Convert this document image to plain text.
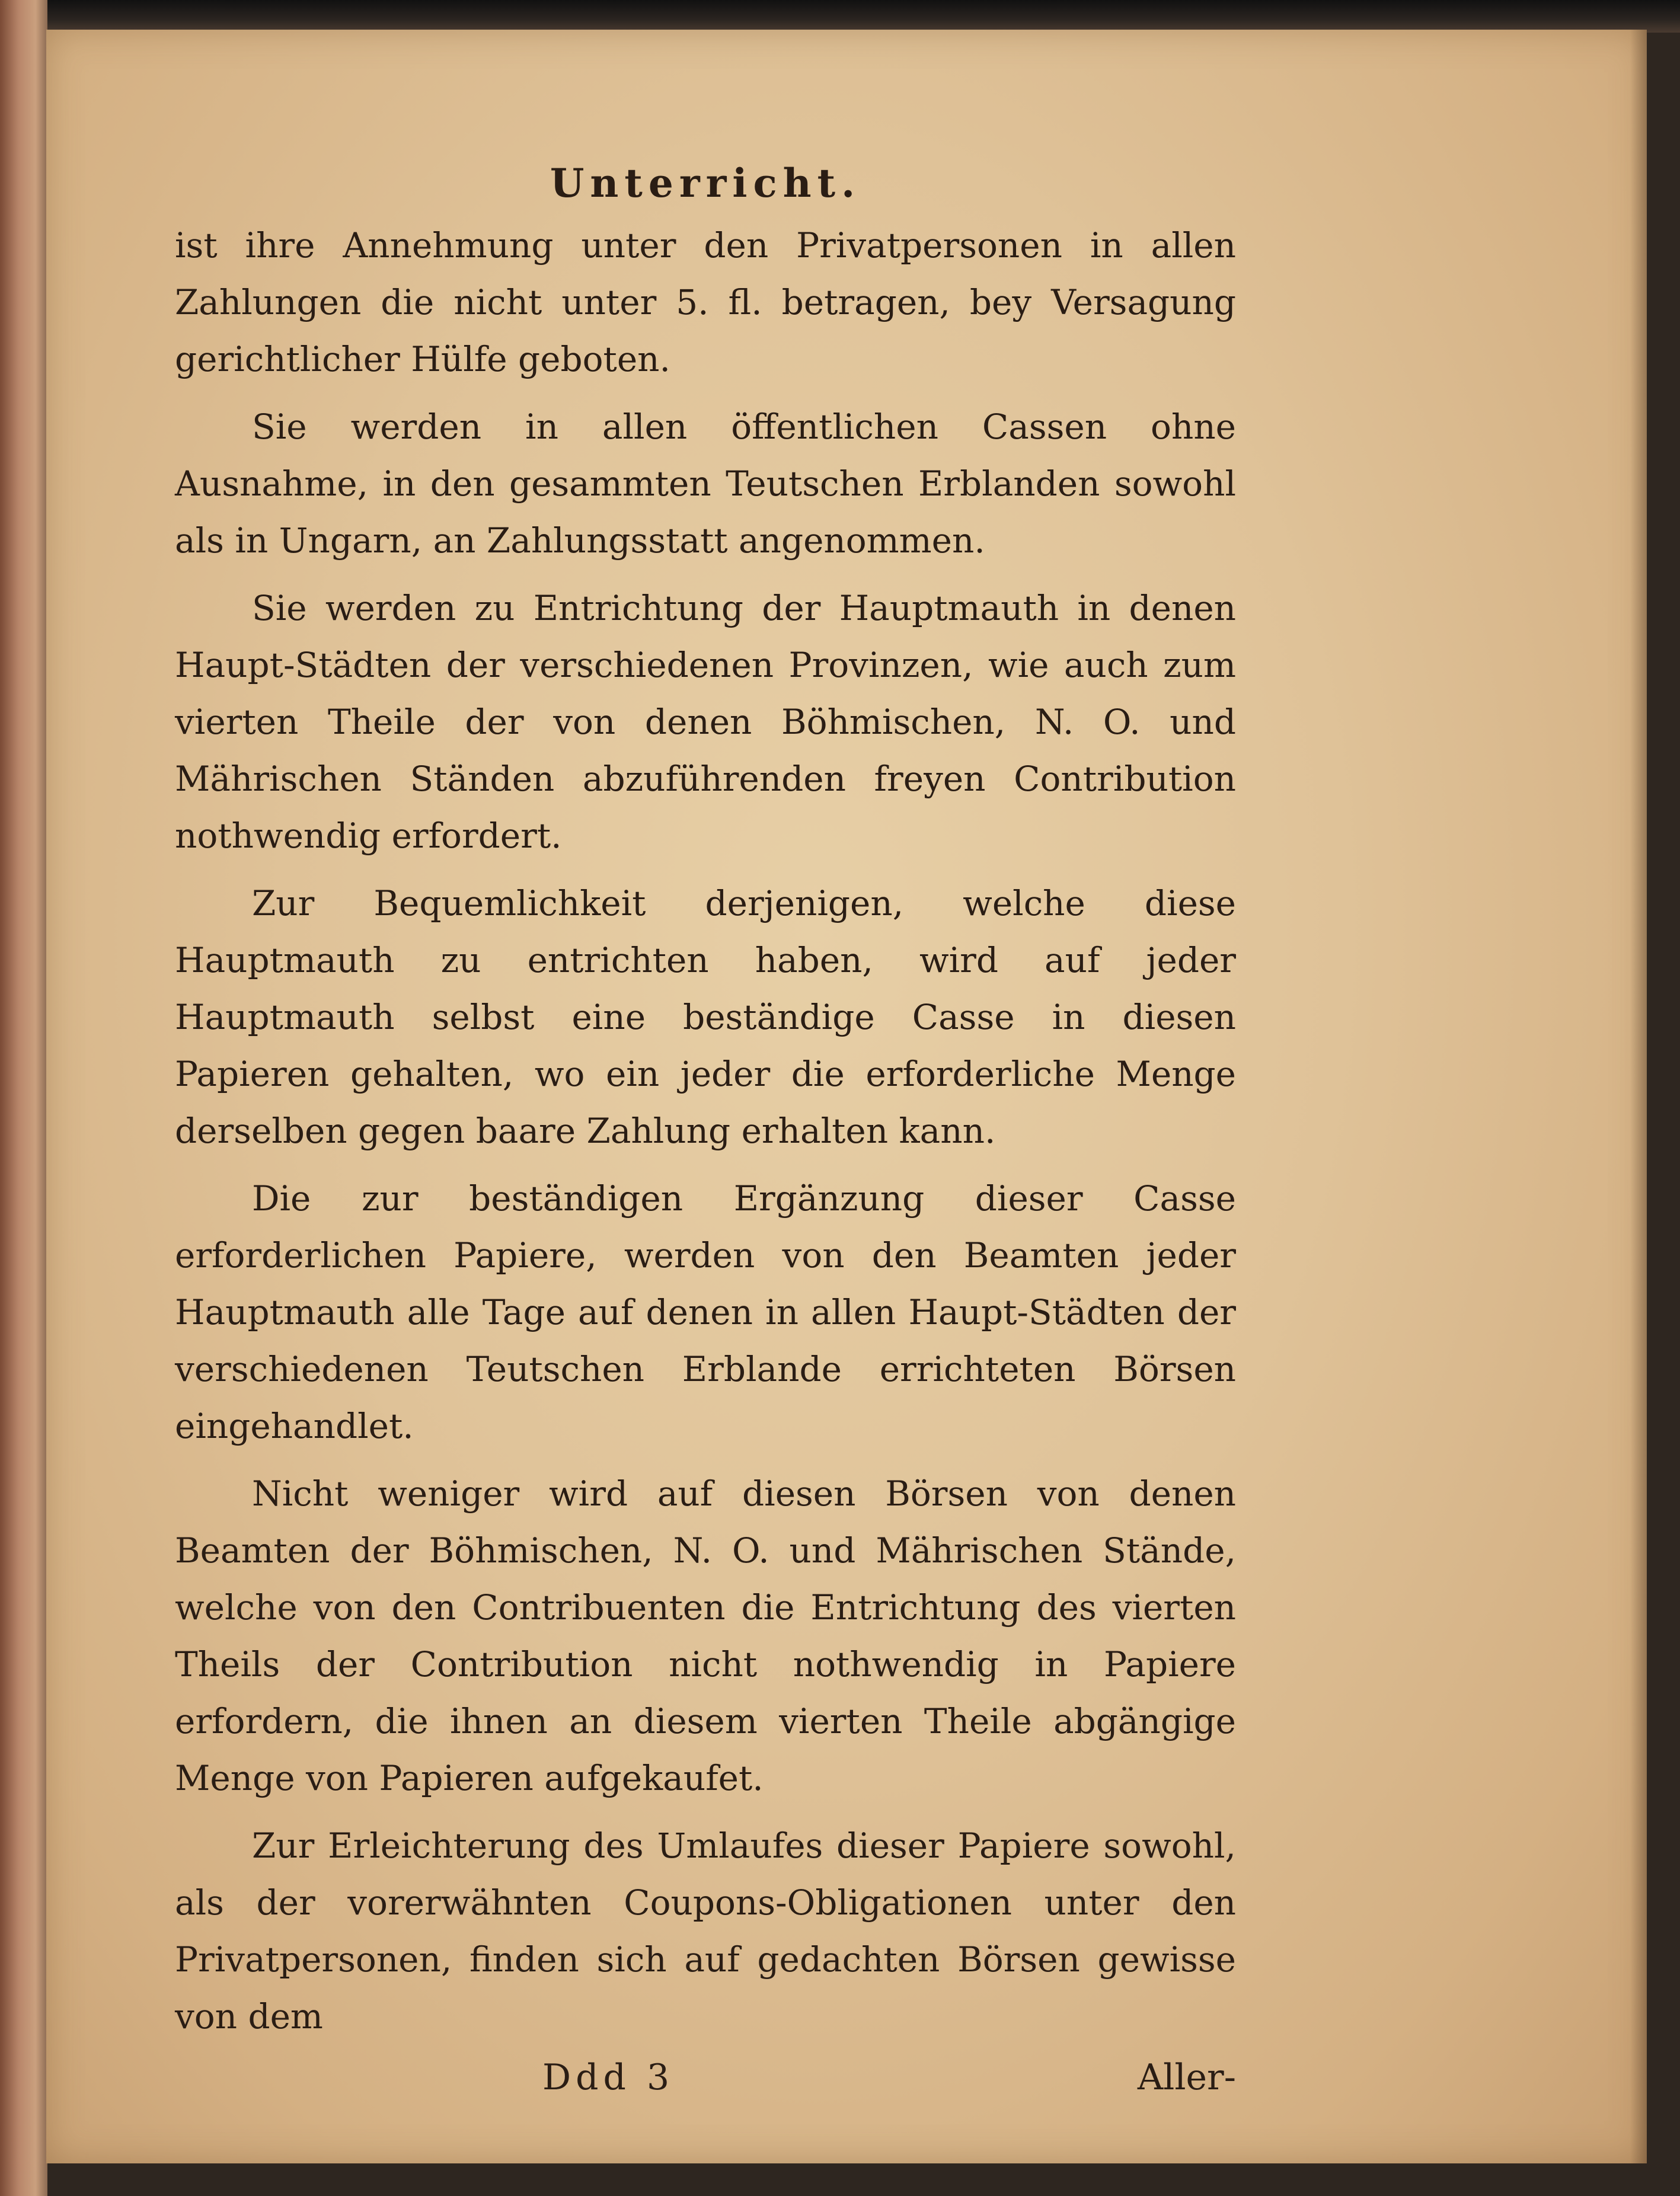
Unterricht.

ist ihre Annehmung unter den Privatpersonen in allen Zahlungen die nicht unter 5. fl. betragen, bey Versagung gerichtlicher Hülfe geboten.

Sie werden in allen öffentlichen Cassen ohne Ausnahme, in den gesammten Teutschen Erblanden sowohl als in Ungarn, an Zahlungsstatt angenommen.

Sie werden zu Entrichtung der Hauptmauth in denen Haupt-Städten der verschiedenen Provinzen, wie auch zum vierten Theile der von denen Böhmischen, N. O. und Mährischen Ständen abzuführenden freyen Contribution nothwendig erfordert.

Zur Bequemlichkeit derjenigen, welche diese Hauptmauth zu entrichten haben, wird auf jeder Hauptmauth selbst eine beständige Casse in diesen Papieren gehalten, wo ein jeder die erforderliche Menge derselben gegen baare Zahlung erhalten kann.

Die zur beständigen Ergänzung dieser Casse erforderlichen Papiere, werden von den Beamten jeder Hauptmauth alle Tage auf denen in allen Haupt-Städten der verschiedenen Teutschen Erblande errichteten Börsen eingehandlet.

Nicht weniger wird auf diesen Börsen von denen Beamten der Böhmischen, N. O. und Mährischen Stände, welche von den Contribuenten die Entrichtung des vierten Theils der Contribution nicht nothwendig in Papiere erfordern, die ihnen an diesem vierten Theile abgängige Menge von Papieren aufgekaufet.

Zur Erleichterung des Umlaufes dieser Papiere sowohl, als der vorerwähnten Coupons-Obligationen unter den Privatpersonen, finden sich auf gedachten Börsen gewisse von dem

Ddd 3	Aller-
